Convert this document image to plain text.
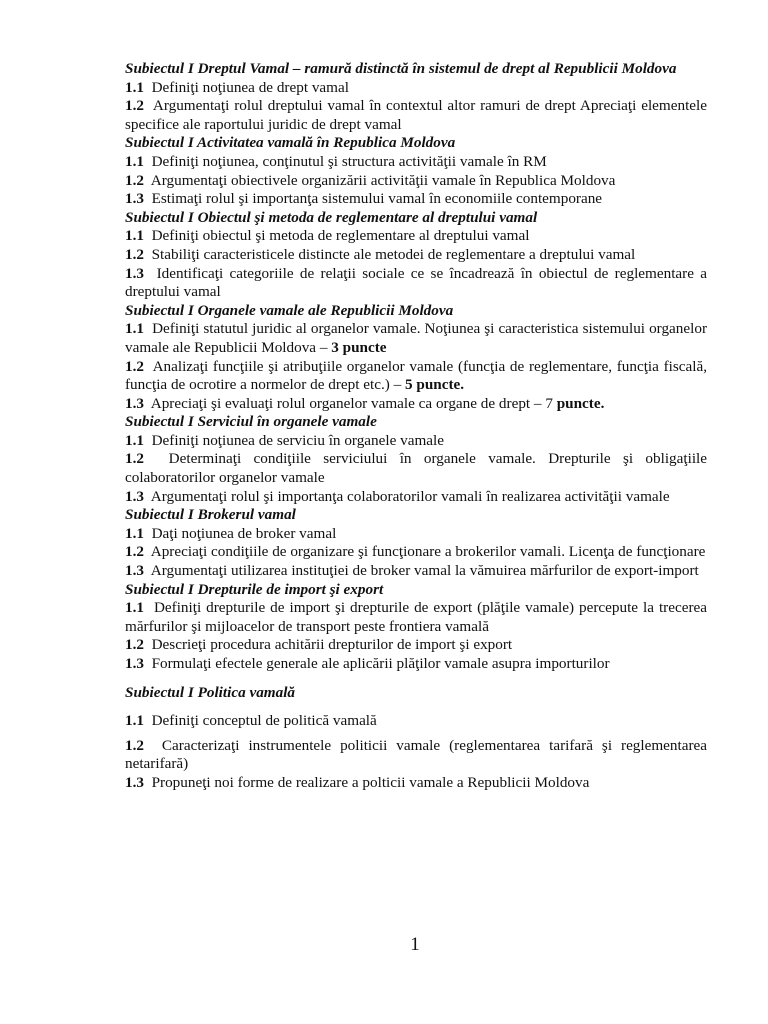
Subiectul I Dreptul Vamal – ramură distinctă în sistemul de drept al Republicii Moldova
1.1 Definiţi noţiunea de drept vamal
1.2 Argumentaţi rolul dreptului vamal în contextul altor ramuri de drept Apreciaţi elementele specifice ale raportului juridic de drept vamal
Subiectul I Activitatea vamală în Republica Moldova
1.1 Definiţi noţiunea, conţinutul şi structura activităţii vamale în RM
1.2 Argumentaţi obiectivele organizării activităţii vamale în Republica Moldova
1.3 Estimaţi rolul şi importanţa sistemului vamal în economiile contemporane
Subiectul I Obiectul şi metoda de reglementare al dreptului vamal
1.1 Definiţi obiectul şi metoda de reglementare al dreptului vamal
1.2 Stabiliţi caracteristicele distincte ale metodei de reglementare a dreptului vamal
1.3 Identificaţi categoriile de relaţii sociale ce se încadrează în obiectul de reglementare a dreptului vamal
Subiectul I Organele vamale ale Republicii Moldova
1.1 Definiţi statutul juridic al organelor vamale. Noţiunea şi caracteristica sistemului organelor vamale ale Republicii Moldova – 3 puncte
1.2 Analizaţi funcţiile şi atribuţiile organelor vamale (funcţia de reglementare, funcţia fiscală, funcţia de ocrotire a normelor de drept etc.) – 5 puncte.
1.3 Apreciaţi şi evaluaţi rolul organelor vamale ca organe de drept – 7 puncte.
Subiectul I Serviciul în organele vamale
1.1 Definiţi noţiunea de serviciu în organele vamale
1.2 Determinaţi condiţiile serviciului în organele vamale. Drepturile şi obligaţiile colaboratorilor organelor vamale
1.3 Argumentaţi rolul şi importanţa colaboratorilor vamali în realizarea activităţii vamale
Subiectul I Brokerul vamal
1.1 Daţi noţiunea de broker vamal
1.2 Apreciaţi condiţiile de organizare şi funcţionare a brokerilor vamali. Licenţa de funcţionare
1.3 Argumentaţi utilizarea instituţiei de broker vamal la vămuirea mărfurilor de export-import
Subiectul I Drepturile de import şi export
1.1 Definiţi drepturile de import şi drepturile de export (plăţile vamale) percepute la trecerea mărfurilor şi mijloacelor de transport peste frontiera vamală
1.2 Descrieţi procedura achitării drepturilor de import şi export
1.3 Formulaţi efectele generale ale aplicării plăţilor vamale asupra importurilor
Subiectul I Politica vamală
1.1 Definiţi conceptul de politică vamală
1.2 Caracterizaţi instrumentele politicii vamale (reglementarea tarifară şi reglementarea netarifară)
1.3 Propuneţi noi forme de realizare a polticii vamale a Republicii Moldova
1
